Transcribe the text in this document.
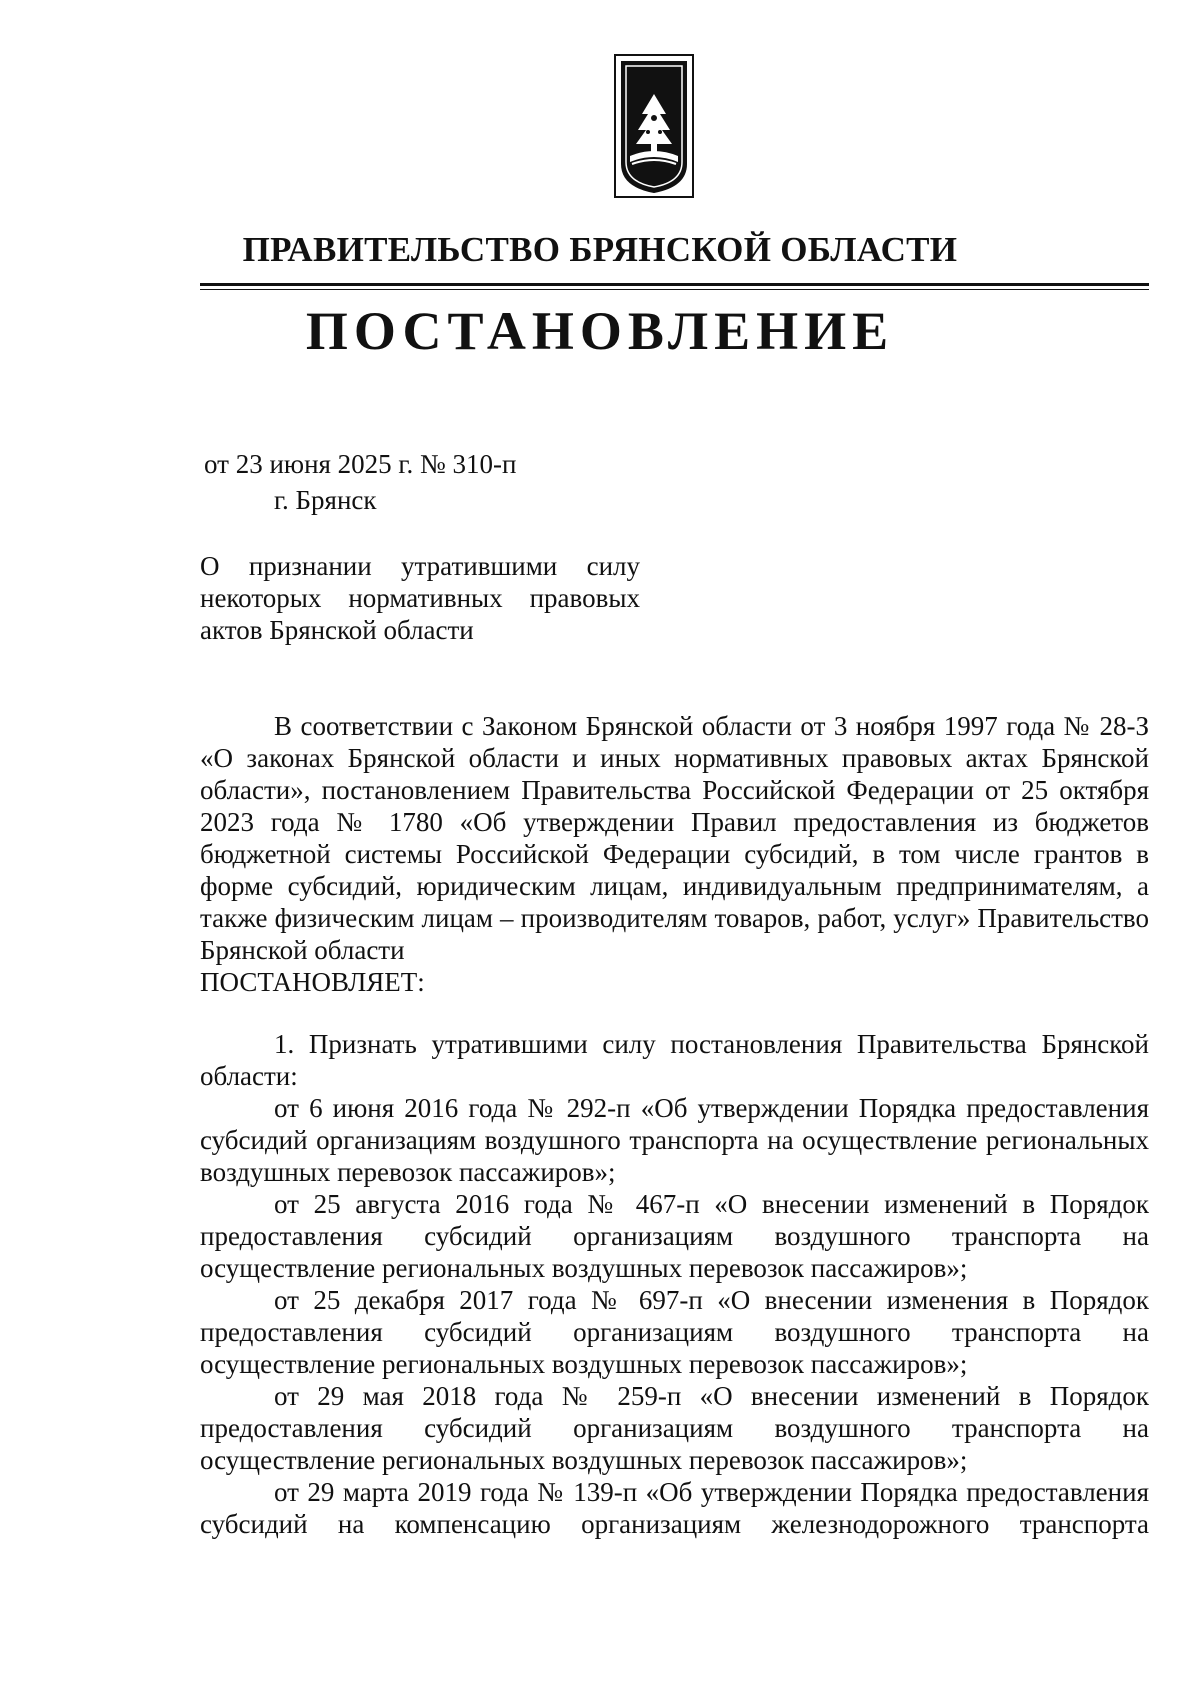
ПРАВИТЕЛЬСТВО БРЯНСКОЙ ОБЛАСТИ
ПОСТАНОВЛЕНИЕ
от 23 июня 2025 г. № 310-п
г. Брянск
О признании утратившими силу
некоторых нормативных правовых
актов Брянской области

В соответствии с Законом Брянской области от 3 ноября 1997 года № 28-З «О законах Брянской области и иных нормативных правовых актах Брянской области», постановлением Правительства Российской Федерации от 25 октября 2023 года № 1780 «Об утверждении Правил предоставления из бюджетов бюджетной системы Российской Федерации субсидий, в том числе грантов в форме субсидий, юридическим лицам, индивидуальным предпринимателям, а также физическим лицам – производителям товаров, работ, услуг» Правительство Брянской области

ПОСТАНОВЛЯЕТ:

1. Признать утратившими силу постановления Правительства Брянской области:

от 6 июня 2016 года № 292-п «Об утверждении Порядка предоставления субсидий организациям воздушного транспорта на осуществление региональных воздушных перевозок пассажиров»;

от 25 августа 2016 года № 467-п «О внесении изменений в Порядок предоставления субсидий организациям воздушного транспорта на осуществление региональных воздушных перевозок пассажиров»;

от 25 декабря 2017 года № 697-п «О внесении изменения в Порядок предоставления субсидий организациям воздушного транспорта на осуществление региональных воздушных перевозок пассажиров»;

от 29 мая 2018 года № 259-п «О внесении изменений в Порядок предоставления субсидий организациям воздушного транспорта на осуществление региональных воздушных перевозок пассажиров»;

от 29 марта 2019 года № 139-п «Об утверждении Порядка предоставления субсидий на компенсацию организациям железнодорожного транспорта
